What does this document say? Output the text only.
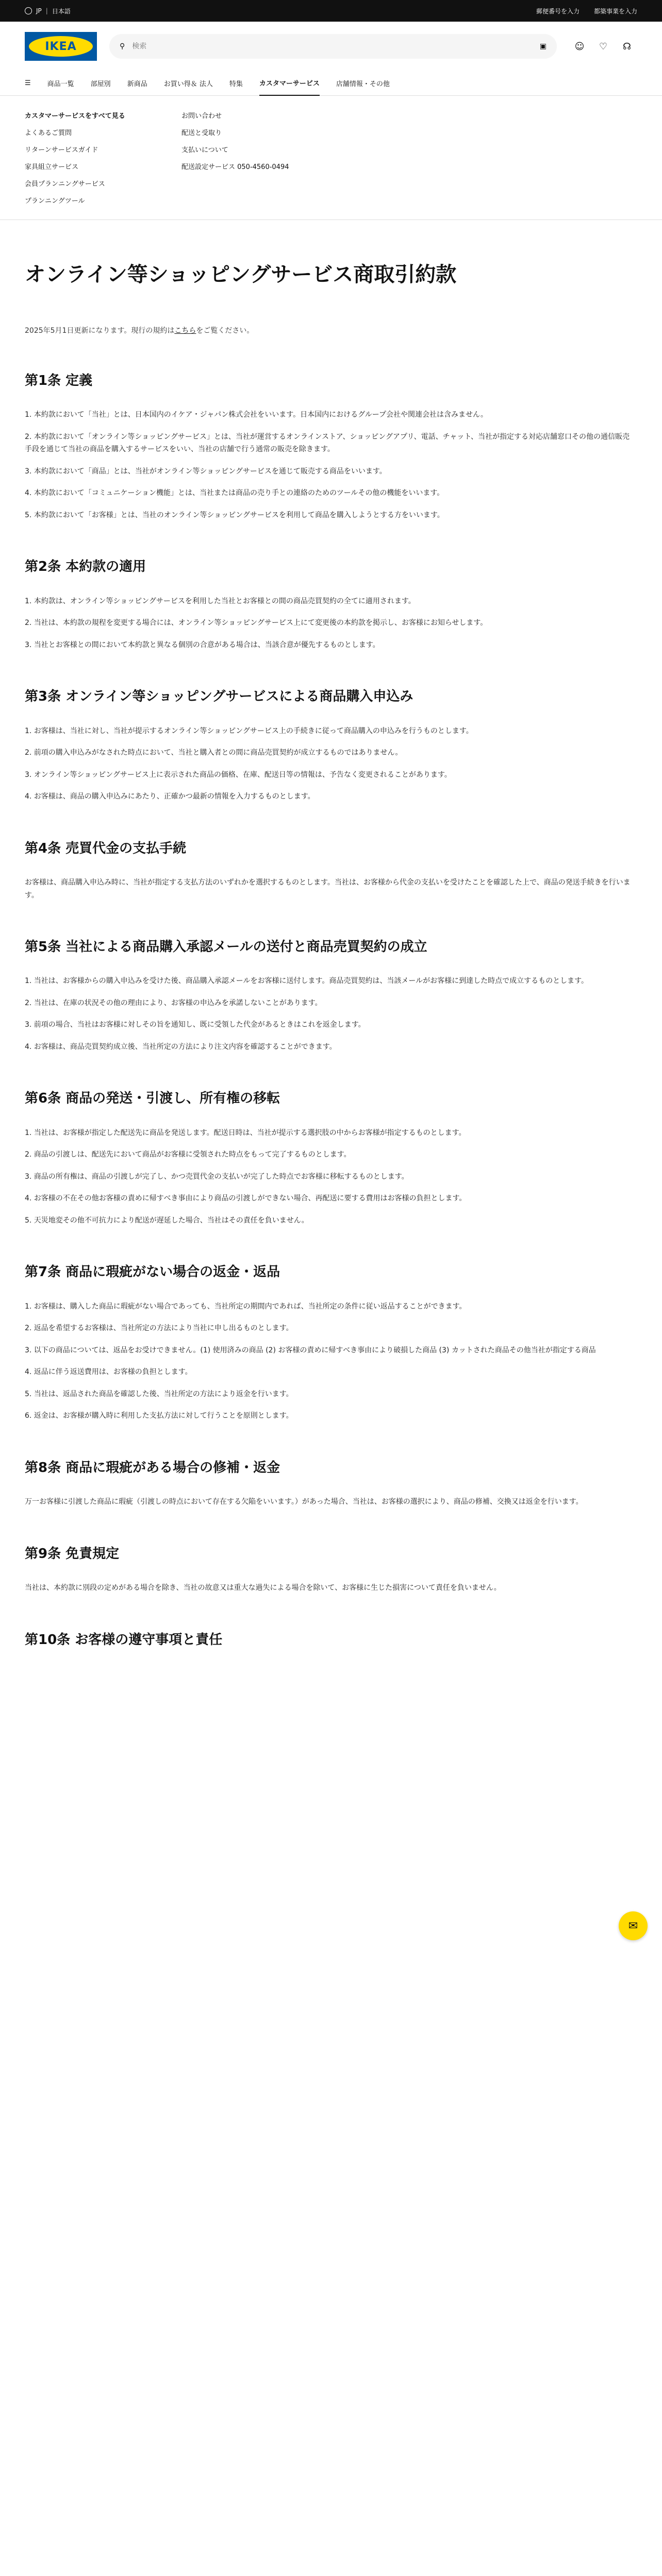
JP | 日本語	郵便番号を入力 都築事業を入力
IKEA	⚲
検索	▣	☺	♡	☊
☰ 商品一覧 部屋別 新商品 お買い得＆ 法人 特集 カスタマーサービス 店舗情報・その他
カスタマーサービスをすべて見る	お問い合わせ
よくあるご質問	配送と受取り
リターンサービスガイド	支払いについて
家具組立サービス	配送設定サービス 050-4560-0494
会員プランニングサービス
プランニングツール
オンライン等ショッピングサービス商取引約款

2025年5月1日更新になります。現行の規約はこちらをご覧ください。

第1条 定義

1. 本約款において「当社」とは、日本国内のイケア・ジャパン株式会社をいいます。日本国内におけるグループ会社や関連会社は含みません。

2. 本約款において「オンライン等ショッピングサービス」とは、当社が運営するオンラインストア、ショッピングアプリ、電話、チャット、当社が指定する対応店舗窓口その他の通信販売手段を通じて当社の商品を購入するサービスをいい、当社の店舗で行う通常の販売を除きます。

3. 本約款において「商品」とは、当社がオンライン等ショッピングサービスを通じて販売する商品をいいます。

4. 本約款において「コミュニケーション機能」とは、当社または商品の売り手との連絡のためのツールその他の機能をいいます。

5. 本約款において「お客様」とは、当社のオンライン等ショッピングサービスを利用して商品を購入しようとする方をいいます。

第2条 本約款の適用

1. 本約款は、オンライン等ショッピングサービスを利用した当社とお客様との間の商品売買契約の全てに適用されます。

2. 当社は、本約款の規程を変更する場合には、オンライン等ショッピングサービス上にて変更後の本約款を掲示し、お客様にお知らせします。

3. 当社とお客様との間において本約款と異なる個別の合意がある場合は、当該合意が優先するものとします。

第3条 オンライン等ショッピングサービスによる商品購入申込み

1. お客様は、当社に対し、当社が提示するオンライン等ショッピングサービス上の手続きに従って商品購入の申込みを行うものとします。

2. 前項の購入申込みがなされた時点において、当社と購入者との間に商品売買契約が成立するものではありません。

3. オンライン等ショッピングサービス上に表示された商品の価格、在庫、配送日等の情報は、予告なく変更されることがあります。

4. お客様は、商品の購入申込みにあたり、正確かつ最新の情報を入力するものとします。

第4条 売買代金の支払手続

お客様は、商品購入申込み時に、当社が指定する支払方法のいずれかを選択するものとします。当社は、お客様から代金の支払いを受けたことを確認した上で、商品の発送手続きを行います。

第5条 当社による商品購入承認メールの送付と商品売買契約の成立

1. 当社は、お客様からの購入申込みを受けた後、商品購入承認メールをお客様に送付します。商品売買契約は、当該メールがお客様に到達した時点で成立するものとします。

2. 当社は、在庫の状況その他の理由により、お客様の申込みを承諾しないことがあります。

3. 前項の場合、当社はお客様に対しその旨を通知し、既に受領した代金があるときはこれを返金します。

4. お客様は、商品売買契約成立後、当社所定の方法により注文内容を確認することができます。

第6条 商品の発送・引渡し、所有権の移転

1. 当社は、お客様が指定した配送先に商品を発送します。配送日時は、当社が提示する選択肢の中からお客様が指定するものとします。

2. 商品の引渡しは、配送先において商品がお客様に受領された時点をもって完了するものとします。

3. 商品の所有権は、商品の引渡しが完了し、かつ売買代金の支払いが完了した時点でお客様に移転するものとします。

4. お客様の不在その他お客様の責めに帰すべき事由により商品の引渡しができない場合、再配送に要する費用はお客様の負担とします。

5. 天災地変その他不可抗力により配送が遅延した場合、当社はその責任を負いません。

第7条 商品に瑕疵がない場合の返金・返品

1. お客様は、購入した商品に瑕疵がない場合であっても、当社所定の期間内であれば、当社所定の条件に従い返品することができます。

2. 返品を希望するお客様は、当社所定の方法により当社に申し出るものとします。

3. 以下の商品については、返品をお受けできません。(1) 使用済みの商品 (2) お客様の責めに帰すべき事由により破損した商品 (3) カットされた商品その他当社が指定する商品

4. 返品に伴う返送費用は、お客様の負担とします。

5. 当社は、返品された商品を確認した後、当社所定の方法により返金を行います。

6. 返金は、お客様が購入時に利用した支払方法に対して行うことを原則とします。

第8条 商品に瑕疵がある場合の修補・返金

万一お客様に引渡した商品に瑕疵（引渡しの時点において存在する欠陥をいいます。）があった場合、当社は、お客様の選択により、商品の修補、交換又は返金を行います。

第9条 免責規定

当社は、本約款に別段の定めがある場合を除き、当社の故意又は重大な過失による場合を除いて、お客様に生じた損害について責任を負いません。

第10条 お客様の遵守事項と責任
✉
